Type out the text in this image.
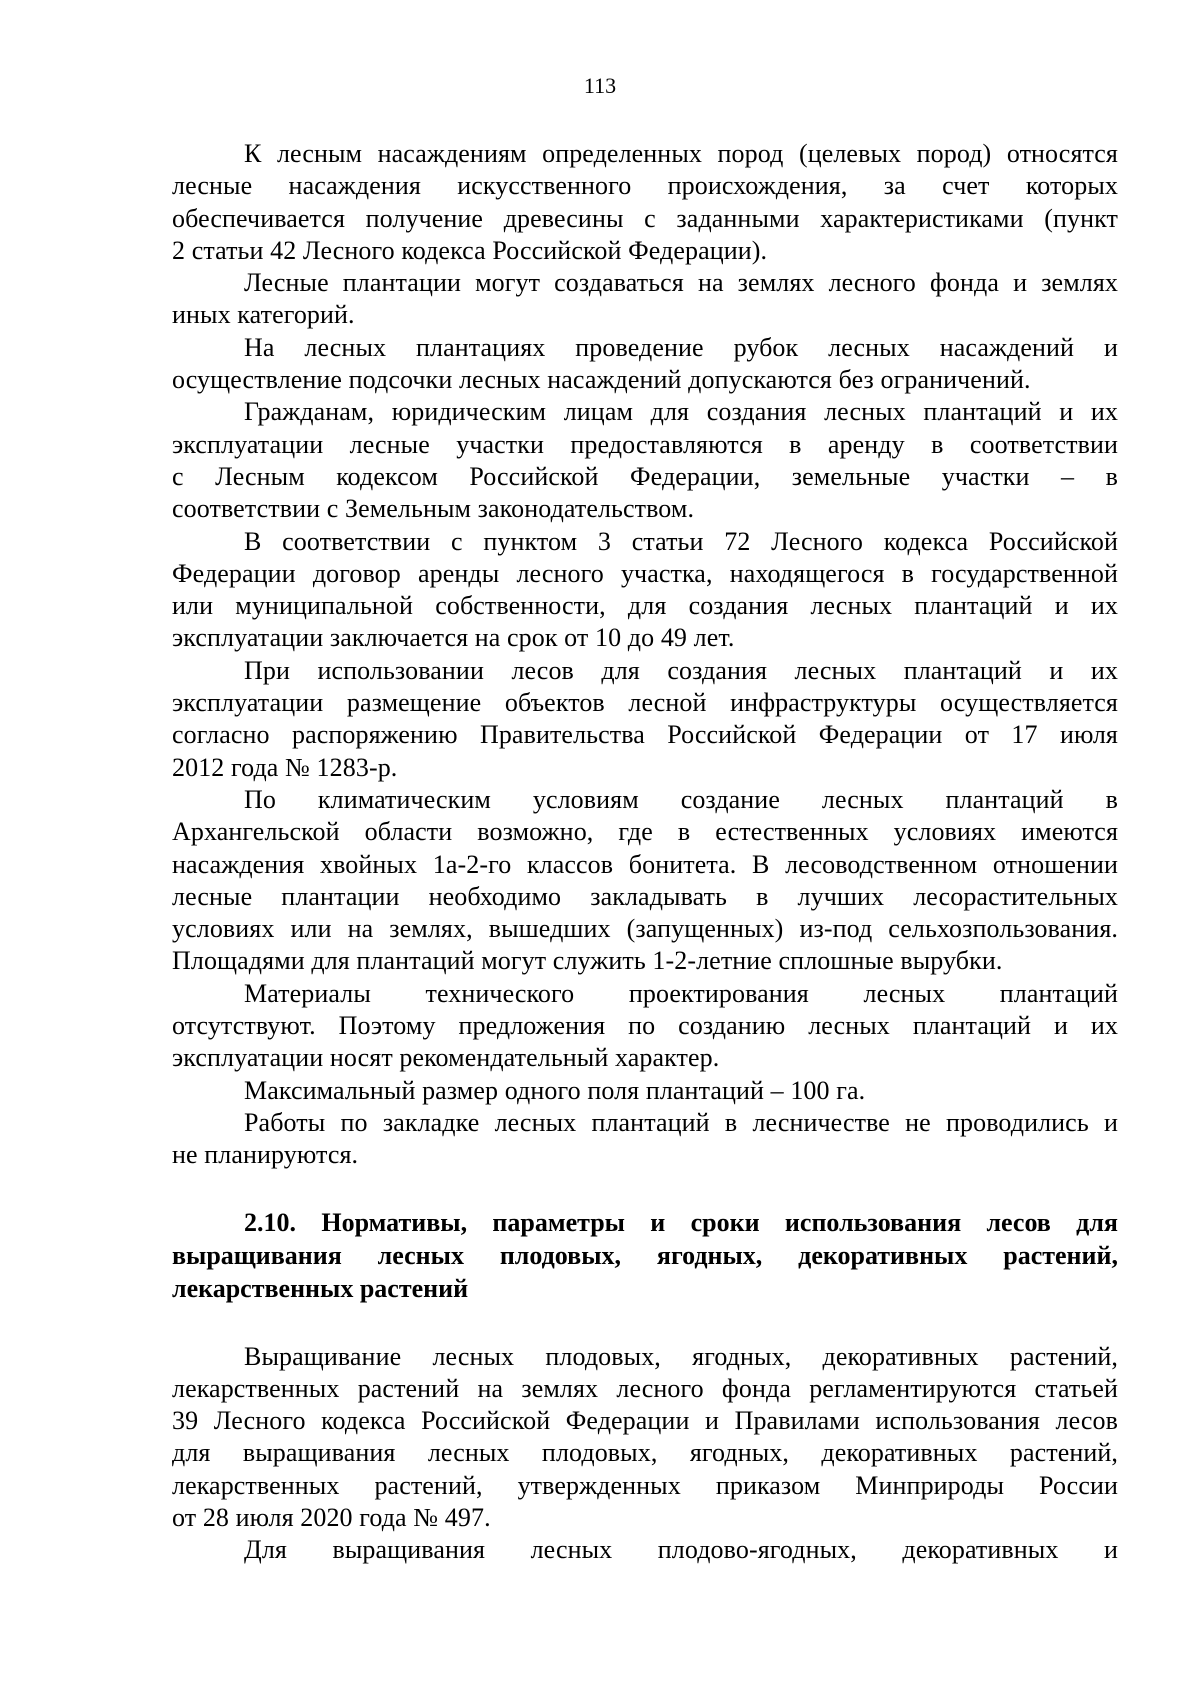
113
К лесным насаждениям определенных пород (целевых пород) относятся
лесные насаждения искусственного происхождения, за счет которых
обеспечивается получение древесины с заданными характеристиками (пункт
2 статьи 42 Лесного кодекса Российской Федерации).
Лесные плантации могут создаваться на землях лесного фонда и землях
иных категорий.
На лесных плантациях проведение рубок лесных насаждений и
осуществление подсочки лесных насаждений допускаются без ограничений.
Гражданам, юридическим лицам для создания лесных плантаций и их
эксплуатации лесные участки предоставляются в аренду в соответствии
с Лесным кодексом Российской Федерации, земельные участки – в
соответствии с Земельным законодательством.
В соответствии с пунктом 3 статьи 72 Лесного кодекса Российской
Федерации договор аренды лесного участка, находящегося в государственной
или муниципальной собственности, для создания лесных плантаций и их
эксплуатации заключается на срок от 10 до 49 лет.
При использовании лесов для создания лесных плантаций и их
эксплуатации размещение объектов лесной инфраструктуры осуществляется
согласно распоряжению Правительства Российской Федерации от 17 июля
2012 года № 1283-р.
По климатическим условиям создание лесных плантаций в
Архангельской области возможно, где в естественных условиях имеются
насаждения хвойных 1а-2-го классов бонитета. В лесоводственном отношении
лесные плантации необходимо закладывать в лучших лесорастительных
условиях или на землях, вышедших (запущенных) из-под сельхозпользования.
Площадями для плантаций могут служить 1-2-летние сплошные вырубки.
Материалы технического проектирования лесных плантаций
отсутствуют. Поэтому предложения по созданию лесных плантаций и их
эксплуатации носят рекомендательный характер.
Максимальный размер одного поля плантаций – 100 га.
Работы по закладке лесных плантаций в лесничестве не проводились и
не планируются.
2.10. Нормативы, параметры и сроки использования лесов для
выращивания лесных плодовых, ягодных, декоративных растений,
лекарственных растений
Выращивание лесных плодовых, ягодных, декоративных растений,
лекарственных растений на землях лесного фонда регламентируются статьей
39 Лесного кодекса Российской Федерации и Правилами использования лесов
для выращивания лесных плодовых, ягодных, декоративных растений,
лекарственных растений, утвержденных приказом Минприроды России
от 28 июля 2020 года № 497.
Для выращивания лесных плодово-ягодных, декоративных и
